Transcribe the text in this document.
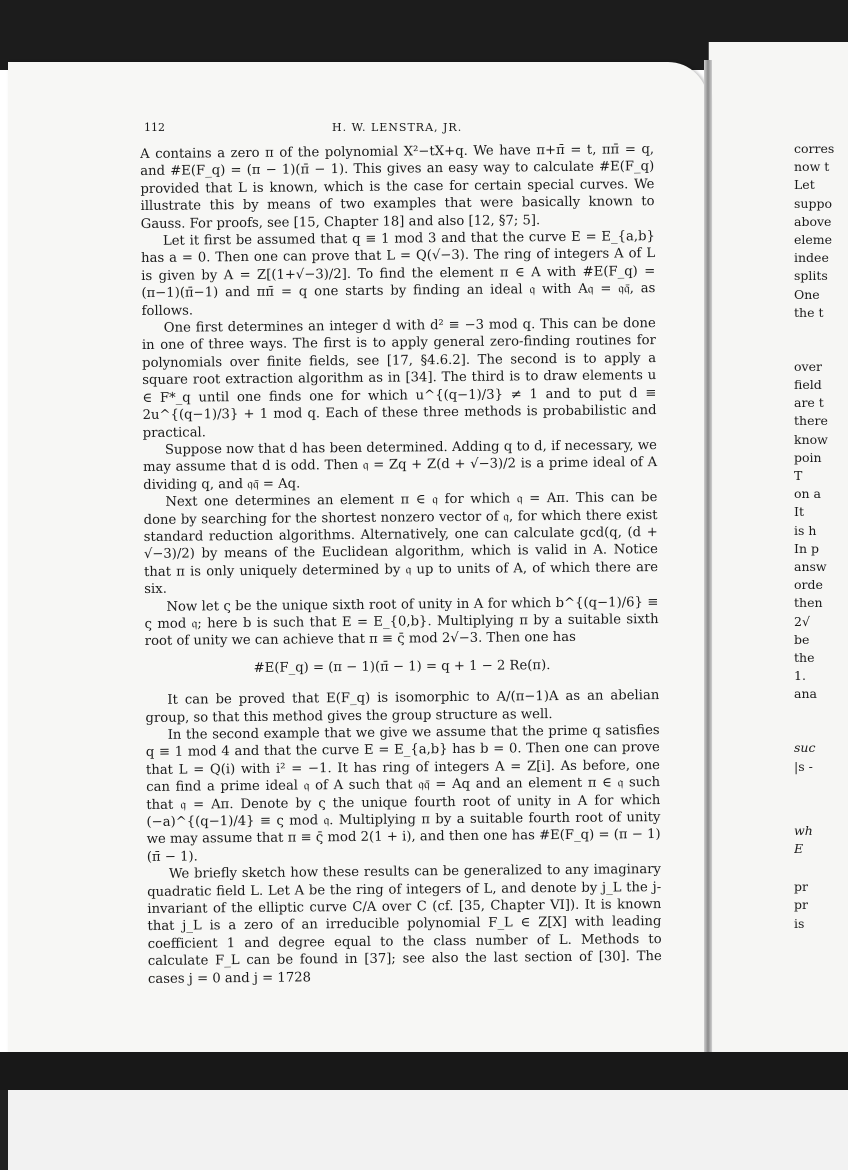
112	H. W. LENSTRA, JR.

A contains a zero π of the polynomial X²−tX+q. We have π+π̄ = t, ππ̄ = q, and #E(F_q) = (π − 1)(π̄ − 1). This gives an easy way to calculate #E(F_q) provided that L is known, which is the case for certain special curves. We illustrate this by means of two examples that were basically known to Gauss. For proofs, see [15, Chapter 18] and also [12, §7; 5].

Let it first be assumed that q ≡ 1 mod 3 and that the curve E = E_{a,b} has a = 0. Then one can prove that L = Q(√−3). The ring of integers A of L is given by A = Z[(1+√−3)/2]. To find the element π ∈ A with #E(F_q) = (π−1)(π̄−1) and ππ̄ = q one starts by finding an ideal 𝔮 with A𝔮 = 𝔮𝔮̄, as follows.

One first determines an integer d with d² ≡ −3 mod q. This can be done in one of three ways. The first is to apply general zero-finding routines for polynomials over finite fields, see [17, §4.6.2]. The second is to apply a square root extraction algorithm as in [34]. The third is to draw elements u ∈ F*_q until one finds one for which u^{(q−1)/3} ≠ 1 and to put d ≡ 2u^{(q−1)/3} + 1 mod q. Each of these three methods is probabilistic and practical.

Suppose now that d has been determined. Adding q to d, if necessary, we may assume that d is odd. Then 𝔮 = Zq + Z(d + √−3)/2 is a prime ideal of A dividing q, and 𝔮𝔮̄ = Aq.

Next one determines an element π ∈ 𝔮 for which 𝔮 = Aπ. This can be done by searching for the shortest nonzero vector of 𝔮, for which there exist standard reduction algorithms. Alternatively, one can calculate gcd(q, (d + √−3)/2) by means of the Euclidean algorithm, which is valid in A. Notice that π is only uniquely determined by 𝔮 up to units of A, of which there are six.

Now let ς be the unique sixth root of unity in A for which b^{(q−1)/6} ≡ ς mod 𝔮; here b is such that E = E_{0,b}. Multiplying π by a suitable sixth root of unity we can achieve that π ≡ ς̄ mod 2√−3. Then one has

#E(F_q) = (π − 1)(π̄ − 1) = q + 1 − 2 Re(π).

It can be proved that E(F_q) is isomorphic to A/(π−1)A as an abelian group, so that this method gives the group structure as well.

In the second example that we give we assume that the prime q satisfies q ≡ 1 mod 4 and that the curve E = E_{a,b} has b = 0. Then one can prove that L = Q(i) with i² = −1. It has ring of integers A = Z[i]. As before, one can find a prime ideal 𝔮 of A such that 𝔮𝔮̄ = Aq and an element π ∈ 𝔮 such that 𝔮 = Aπ. Denote by ς the unique fourth root of unity in A for which (−a)^{(q−1)/4} ≡ ς mod 𝔮. Multiplying π by a suitable fourth root of unity we may assume that π ≡ ς̄ mod 2(1 + i), and then one has #E(F_q) = (π − 1)(π̄ − 1).

We briefly sketch how these results can be generalized to any imaginary quadratic field L. Let A be the ring of integers of L, and denote by j_L the j-invariant of the elliptic curve C/A over C (cf. [35, Chapter VI]). It is known that j_L is a zero of an irreducible polynomial F_L ∈ Z[X] with leading coefficient 1 and degree equal to the class number of L. Methods to calculate F_L can be found in [37]; see also the last section of [30]. The cases j = 0 and j = 1728

corres
now t
Let
suppo
above
eleme
indee
splits
One
the t
over
field
are t
there
know
poin
T
on a
It
is h
In p
answ
orde
then
2√
be
the
1.
ana
suc
|s -
wh
E
pr
pr
is
